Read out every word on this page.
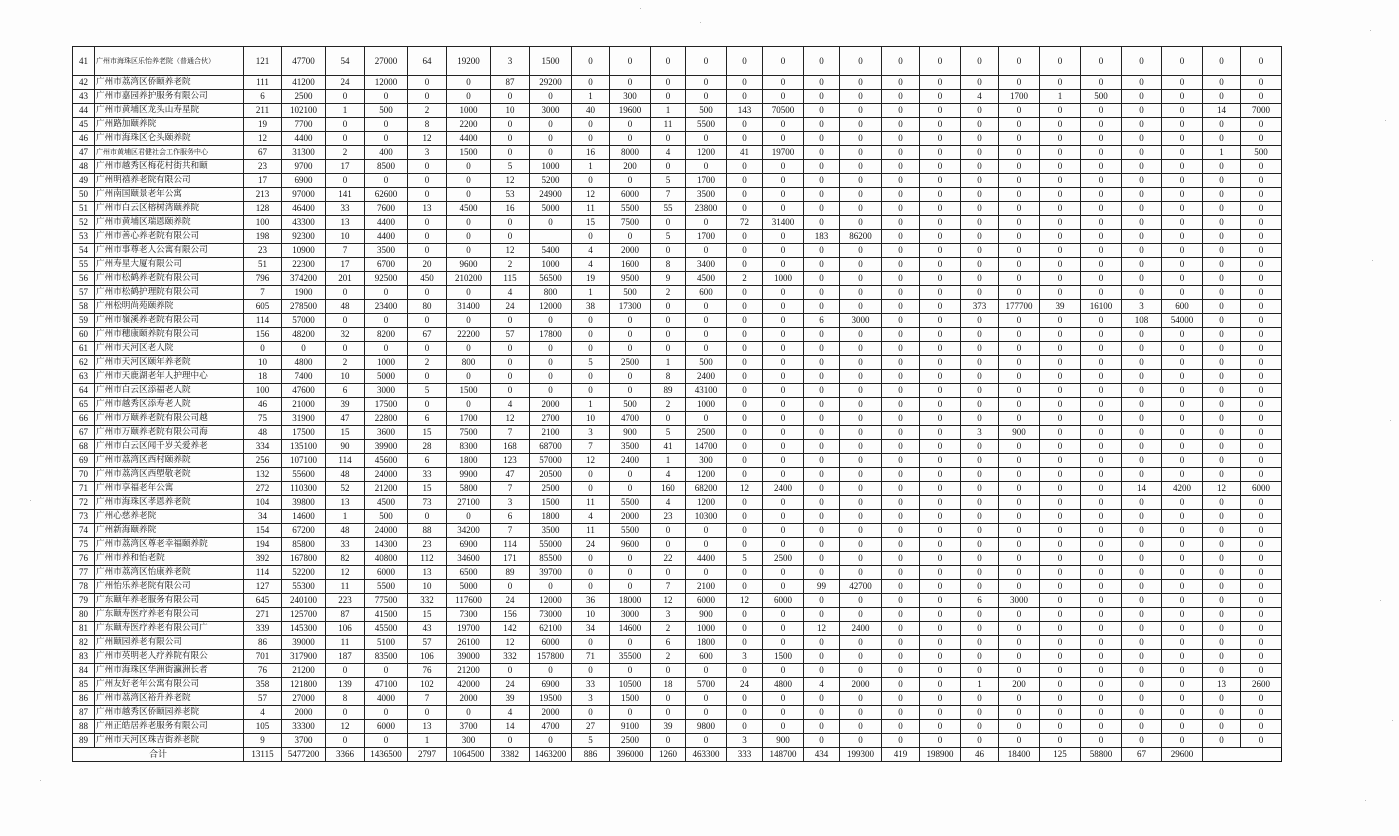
41	广州市海珠区乐怡养老院（普通合伙）	121	47700	54	27000	64	19200	3	1500	0	0	0	0	0	0	0	0	0	0	0	0	0	0	0	0	0	0
42	广州市荔湾区侨颐养老院	111	41200	24	12000	0	0	87	29200	0	0	0	0	0	0	0	0	0	0	0	0	0	0	0	0	0	0
43	广州市嘉园养护服务有限公司	6	2500	0	0	0	0	0	0	1	300	0	0	0	0	0	0	0	0	4	1700	1	500	0	0	0	0
44	广州市黄埔区龙头山寿星院	211	102100	1	500	2	1000	10	3000	40	19600	1	500	143	70500	0	0	0	0	0	0	0	0	0	0	14	7000
45	广州路加颐养院	19	7700	0	0	8	2200	0	0	0	0	11	5500	0	0	0	0	0	0	0	0	0	0	0	0	0	0
46	广州市海珠区仑头颐养院	12	4400	0	0	12	4400	0	0	0	0	0	0	0	0	0	0	0	0	0	0	0	0	0	0	0	0
47	广州市黄埔区君健社会工作服务中心	67	31300	2	400	3	1500	0	0	16	8000	4	1200	41	19700	0	0	0	0	0	0	0	0	0	0	1	500
48	广州市越秀区梅花村街共和颐	23	9700	17	8500	0	0	5	1000	1	200	0	0	0	0	0	0	0	0	0	0	0	0	0	0	0	0
49	广州明禧养老院有限公司	17	6900	0	0	0	0	12	5200	0	0	5	1700	0	0	0	0	0	0	0	0	0	0	0	0	0	0
50	广州南国颐景老年公寓	213	97000	141	62600	0	0	53	24900	12	6000	7	3500	0	0	0	0	0	0	0	0	0	0	0	0	0	0
51	广州市白云区榕树湾颐养院	128	46400	33	7600	13	4500	16	5000	11	5500	55	23800	0	0	0	0	0	0	0	0	0	0	0	0	0	0
52	广州市黄埔区瑞恩颐养院	100	43300	13	4400	0	0	0	0	15	7500	0	0	72	31400	0	0	0	0	0	0	0	0	0	0	0	0
53	广州市善心养老院有限公司	198	92300	10	4400	0	0	0		0	0	5	1700	0	0	183	86200	0	0	0	0	0	0	0	0	0	0
54	广州市事尊老人公寓有限公司	23	10900	7	3500	0	0	12	5400	4	2000	0	0	0	0	0	0	0	0	0	0	0	0	0	0	0	0
55	广州寿星大厦有限公司	51	22300	17	6700	20	9600	2	1000	4	1600	8	3400	0	0	0	0	0	0	0	0	0	0	0	0	0	0
56	广州市松鹤养老院有限公司	796	374200	201	92500	450	210200	115	56500	19	9500	9	4500	2	1000	0	0	0	0	0	0	0	0	0	0	0	0
57	广州市松鹤护理院有限公司	7	1900	0	0	0	0	4	800	1	500	2	600	0	0	0	0	0	0	0	0	0	0	0	0	0	0
58	广州松明尚苑颐养院	605	278500	48	23400	80	31400	24	12000	38	17300	0	0	0	0	0	0	0	0	373	177700	39	16100	3	600	0	0
59	广州市嶺溪养老院有限公司	114	57000	0	0	0	0	0	0	0	0	0	0	0	0	6	3000	0	0	0	0	0	0	108	54000	0	0
60	广州市穗康颐养院有限公司	156	48200	32	8200	67	22200	57	17800	0	0	0	0	0	0	0	0	0	0	0	0	0	0	0	0	0	0
61	广州市天河区老人院	0	0	0	0	0	0	0	0	0	0	0	0	0	0	0	0	0	0	0	0	0	0	0	0	0	0
62	广州市天河区颐年养老院	10	4800	2	1000	2	800	0	0	5	2500	1	500	0	0	0	0	0	0	0	0	0	0	0	0	0	0
63	广州市天鹿湖老年人护理中心	18	7400	10	5000	0	0	0	0	0	0	8	2400	0	0	0	0	0	0	0	0	0	0	0	0	0	0
64	广州市白云区添福老人院	100	47600	6	3000	5	1500	0	0	0	0	89	43100	0	0	0	0	0	0	0	0	0	0	0	0	0	0
65	广州市越秀区添寿老人院	46	21000	39	17500	0	0	4	2000	1	500	2	1000	0	0	0	0	0	0	0	0	0	0	0	0	0	0
66	广州市万颐养老院有限公司越	75	31900	47	22800	6	1700	12	2700	10	4700	0	0	0	0	0	0	0	0	0	0	0	0	0	0	0	0
67	广州市万颐养老院有限公司海	48	17500	15	3600	15	7500	7	2100	3	900	5	2500	0	0	0	0	0	0	3	900	0	0	0	0	0	0
68	广州市白云区闻千岁关爱养老	334	135100	90	39900	28	8300	168	68700	7	3500	41	14700	0	0	0	0	0	0	0	0	0	0	0	0	0	0
69	广州市荔湾区西村颐养院	256	107100	114	45600	6	1800	123	57000	12	2400	1	300	0	0	0	0	0	0	0	0	0	0	0	0	0	0
70	广州市荔湾区西塱敬老院	132	55600	48	24000	33	9900	47	20500	0	0	4	1200	0	0	0	0	0	0	0	0	0	0	0	0	0	0
71	广州市享福老年公寓	272	110300	52	21200	15	5800	7	2500	0	0	160	68200	12	2400	0	0	0	0	0	0	0	0	14	4200	12	6000
72	广州市海珠区孝恩养老院	104	39800	13	4500	73	27100	3	1500	11	5500	4	1200	0	0	0	0	0	0	0	0	0	0	0	0	0	0
73	广州心慈养老院	34	14600	1	500	0	0	6	1800	4	2000	23	10300	0	0	0	0	0	0	0	0	0	0	0	0	0	0
74	广州新海颐养院	154	67200	48	24000	88	34200	7	3500	11	5500	0	0	0	0	0	0	0	0	0	0	0	0	0	0	0	0
75	广州市荔湾区尊老幸福颐养院	194	85800	33	14300	23	6900	114	55000	24	9600	0	0	0	0	0	0	0	0	0	0	0	0	0	0	0	0
76	广州市养和怡老院	392	167800	82	40800	112	34600	171	85500	0	0	22	4400	5	2500	0	0	0	0	0	0	0	0	0	0	0	0
77	广州市荔湾区怡康养老院	114	52200	12	6000	13	6500	89	39700	0	0	0	0	0	0	0	0	0	0	0	0	0	0	0	0	0	0
78	广州怡乐养老院有限公司	127	55300	11	5500	10	5000	0	0	0	0	7	2100	0	0	99	42700	0	0	0	0	0	0	0	0	0	0
79	广东颐年养老服务有限公司	645	240100	223	77500	332	117600	24	12000	36	18000	12	6000	12	6000	0	0	0	0	6	3000	0	0	0	0	0	0
80	广东颐寿医疗养老有限公司	271	125700	87	41500	15	7300	156	73000	10	3000	3	900	0	0	0	0	0	0	0	0	0	0	0	0	0	0
81	广东颐寿医疗养老有限公司广	339	145300	106	45500	43	19700	142	62100	34	14600	2	1000	0	0	12	2400	0	0	0	0	0	0	0	0	0	0
82	广州颐园养老有限公司	86	39000	11	5100	57	26100	12	6000	0	0	6	1800	0	0	0	0	0	0	0	0	0	0	0	0	0	0
83	广州市英明老人疗养院有限公	701	317900	187	83500	106	39000	332	157800	71	35500	2	600	3	1500	0	0	0	0	0	0	0	0	0	0	0	0
84	广州市海珠区华洲街瀛洲长者	76	21200	0	0	76	21200	0	0	0	0	0	0	0	0	0	0	0	0	0	0	0	0	0	0	0	0
85	广州友好老年公寓有限公司	358	121800	139	47100	102	42000	24	6900	33	10500	18	5700	24	4800	4	2000	0	0	1	200	0	0	0	0	13	2600
86	广州市荔湾区裕升养老院	57	27000	8	4000	7	2000	39	19500	3	1500	0	0	0	0	0	0	0	0	0	0	0	0	0	0	0	0
87	广州市越秀区侨颐园养老院	4	2000	0	0	0	0	4	2000	0	0	0	0	0	0	0	0	0	0	0	0	0	0	0	0	0	0
88	广州正皓居养老服务有限公司	105	33300	12	6000	13	3700	14	4700	27	9100	39	9800	0	0	0	0	0	0	0	0	0	0	0	0	0	0
89	广州市天河区珠吉街养老院	9	3700	0	0	1	300	0	0	5	2500	0	0	3	900	0	0	0	0	0	0	0	0	0	0	0	0
合计		13115	5477200	3366	1436500	2797	1064500	3382	1463200	886	396000	1260	463300	333	148700	434	199300	419	198900	46	18400	125	58800	67	29600		
